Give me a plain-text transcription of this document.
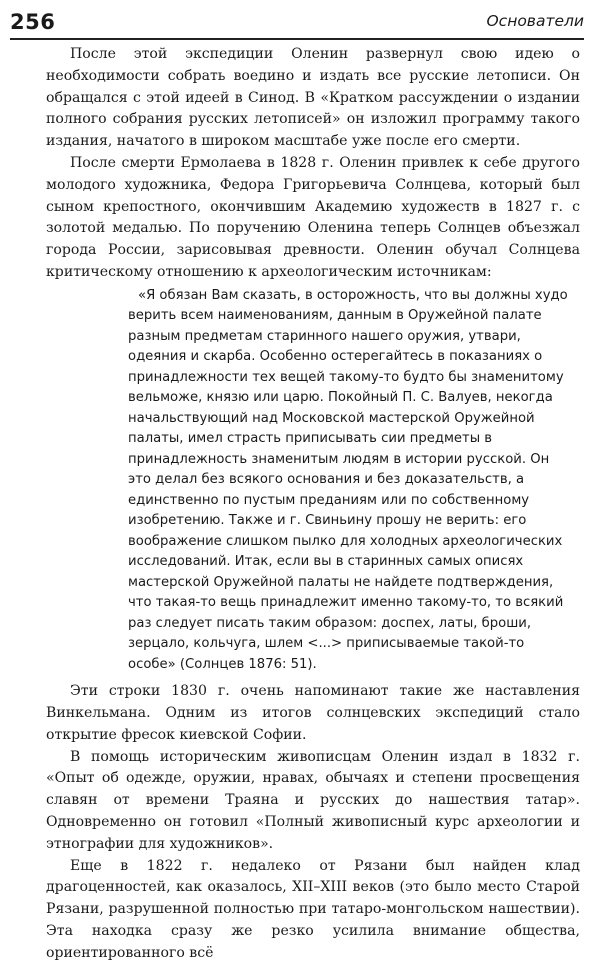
256	Основатели

После этой экспедиции Оленин развернул свою идею о необходимости собрать воедино и издать все русские летописи. Он обращался с этой идеей в Синод. В «Кратком рассуждении о издании полного собрания русских летописей» он изложил программу такого издания, начатого в широком масштабе уже после его смерти.

После смерти Ермолаева в 1828 г. Оленин привлек к себе другого молодого художника, Федора Григорьевича Солнцева, который был сыном крепостного, окончившим Академию художеств в 1827 г. с золотой медалью. По поручению Оленина теперь Солнцев объезжал города России, зарисовывая древности. Оленин обучал Солнцева критическому отношению к археологическим источникам:

«Я обязан Вам сказать, в осторожность, что вы должны худо верить всем наименованиям, данным в Оружейной палате разным предметам старинного нашего оружия, утвари, одеяния и скарба. Особенно остерегайтесь в показаниях о принадлежности тех вещей такому-то будто бы знаменитому вельможе, князю или царю. Покойный П. С. Валуев, некогда начальствующий над Московской мастерской Оружейной палаты, имел страсть приписывать сии предметы в принадлежность знаменитым людям в истории русской. Он это делал без всякого основания и без доказательств, а единственно по пустым преданиям или по собственному изобретению. Также и г. Свиньину прошу не верить: его воображение слишком пылко для холодных археологических исследований. Итак, если вы в старинных самых описях мастерской Оружейной палаты не найдете подтверждения, что такая-то вещь принадлежит именно такому-то, то всякий раз следует писать таким образом: доспех, латы, броши, зерцало, кольчуга, шлем <...> приписываемые такой-то особе» (Солнцев 1876: 51).

Эти строки 1830 г. очень напоминают такие же наставления Винкельмана. Одним из итогов солнцевских экспедиций стало открытие фресок киевской Софии.

В помощь историческим живописцам Оленин издал в 1832 г. «Опыт об одежде, оружии, нравах, обычаях и степени просвещения славян от времени Траяна и русских до нашествия татар». Одновременно он готовил «Полный живописный курс археологии и этнографии для художников».

Еще в 1822 г. недалеко от Рязани был найден клад драгоценностей, как оказалось, XII–XIII веков (это было место Старой Рязани, разрушенной полностью при татаро-монгольском нашествии). Эта находка сразу же резко усилила внимание общества, ориентированного всё
